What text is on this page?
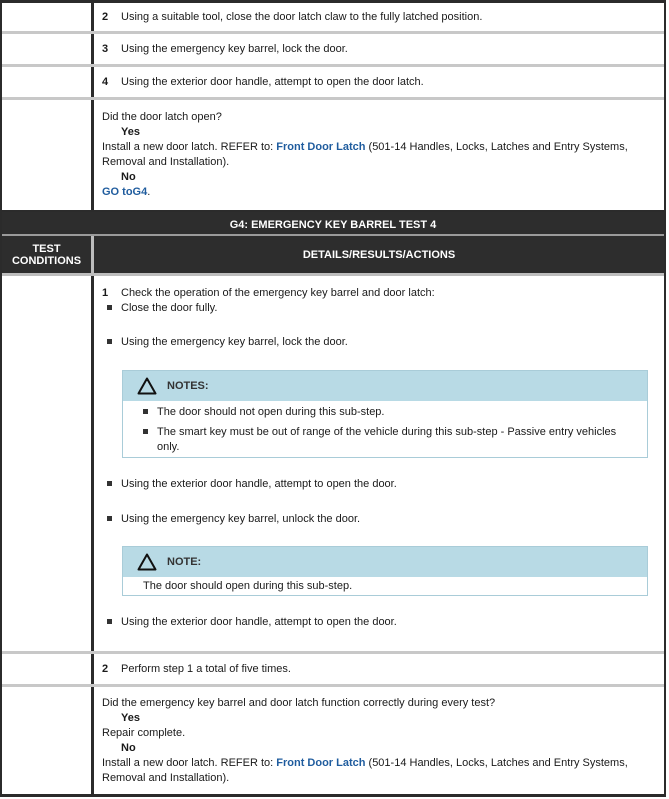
2	Using a suitable tool, close the door latch claw to the fully latched position.
3	Using the emergency key barrel, lock the door.
4	Using the exterior door handle, attempt to open the door latch.
Did the door latch open?
Yes
Install a new door latch. REFER to: Front Door Latch (501-14 Handles, Locks, Latches and Entry Systems,
Removal and Installation).
No
GO toG4.
G4: EMERGENCY KEY BARREL TEST 4
TEST CONDITIONS	DETAILS/RESULTS/ACTIONS
1	Check the operation of the emergency key barrel and door latch:
Close the door fully.
Using the emergency key barrel, lock the door.
NOTES:
The door should not open during this sub-step.
The smart key must be out of range of the vehicle during this sub-step - Passive entry vehicles
only.
Using the exterior door handle, attempt to open the door.
Using the emergency key barrel, unlock the door.
NOTE:
The door should open during this sub-step.
Using the exterior door handle, attempt to open the door.
2	Perform step 1 a total of five times.
Did the emergency key barrel and door latch function correctly during every test?
Yes
Repair complete.
No
Install a new door latch. REFER to: Front Door Latch (501-14 Handles, Locks, Latches and Entry Systems,
Removal and Installation).
